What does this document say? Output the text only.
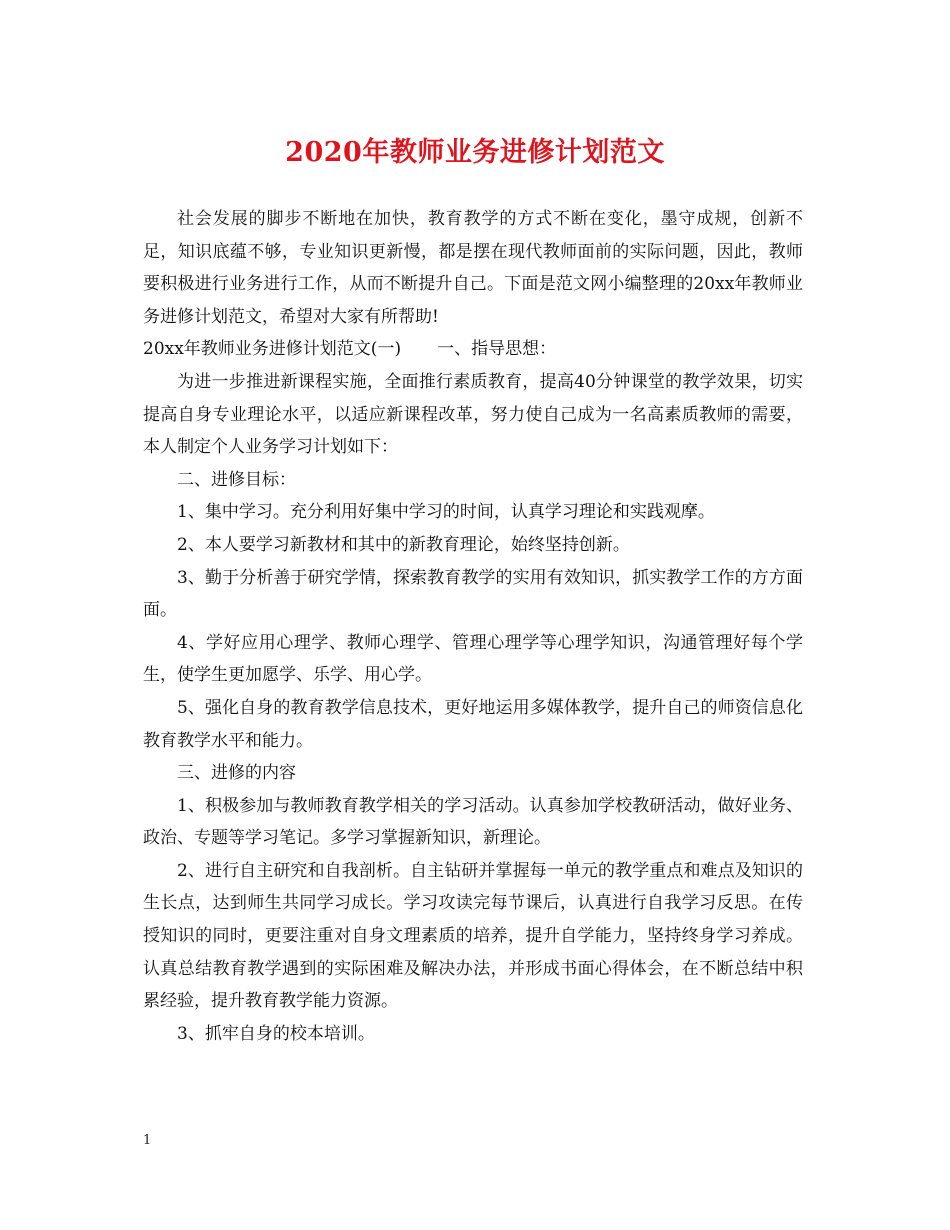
2020年教师业务进修计划范文

社会发展的脚步不断地在加快，教育教学的方式不断在变化，墨守成规，创新不足，知识底蕴不够，专业知识更新慢，都是摆在现代教师面前的实际问题，因此，教师要积极进行业务进行工作，从而不断提升自己。下面是范文网小编整理的20xx年教师业务进修计划范文，希望对大家有所帮助!

20xx年教师业务进修计划范文(一) 一、指导思想：

为进一步推进新课程实施，全面推行素质教育，提高40分钟课堂的教学效果，切实提高自身专业理论水平，以适应新课程改革，努力使自己成为一名高素质教师的需要，本人制定个人业务学习计划如下：

二、进修目标：

1、集中学习。充分利用好集中学习的时间，认真学习理论和实践观摩。

2、本人要学习新教材和其中的新教育理论，始终坚持创新。

3、勤于分析善于研究学情，探索教育教学的实用有效知识，抓实教学工作的方方面面。

4、学好应用心理学、教师心理学、管理心理学等心理学知识，沟通管理好每个学生，使学生更加愿学、乐学、用心学。

5、强化自身的教育教学信息技术，更好地运用多媒体教学，提升自己的师资信息化教育教学水平和能力。

三、进修的内容

1、积极参加与教师教育教学相关的学习活动。认真参加学校教研活动，做好业务、政治、专题等学习笔记。多学习掌握新知识，新理论。

2、进行自主研究和自我剖析。自主钻研并掌握每一单元的教学重点和难点及知识的生长点，达到师生共同学习成长。学习攻读完每节课后，认真进行自我学习反思。在传授知识的同时，更要注重对自身文理素质的培养，提升自学能力，坚持终身学习养成。认真总结教育教学遇到的实际困难及解决办法，并形成书面心得体会，在不断总结中积累经验，提升教育教学能力资源。

3、抓牢自身的校本培训。

1
